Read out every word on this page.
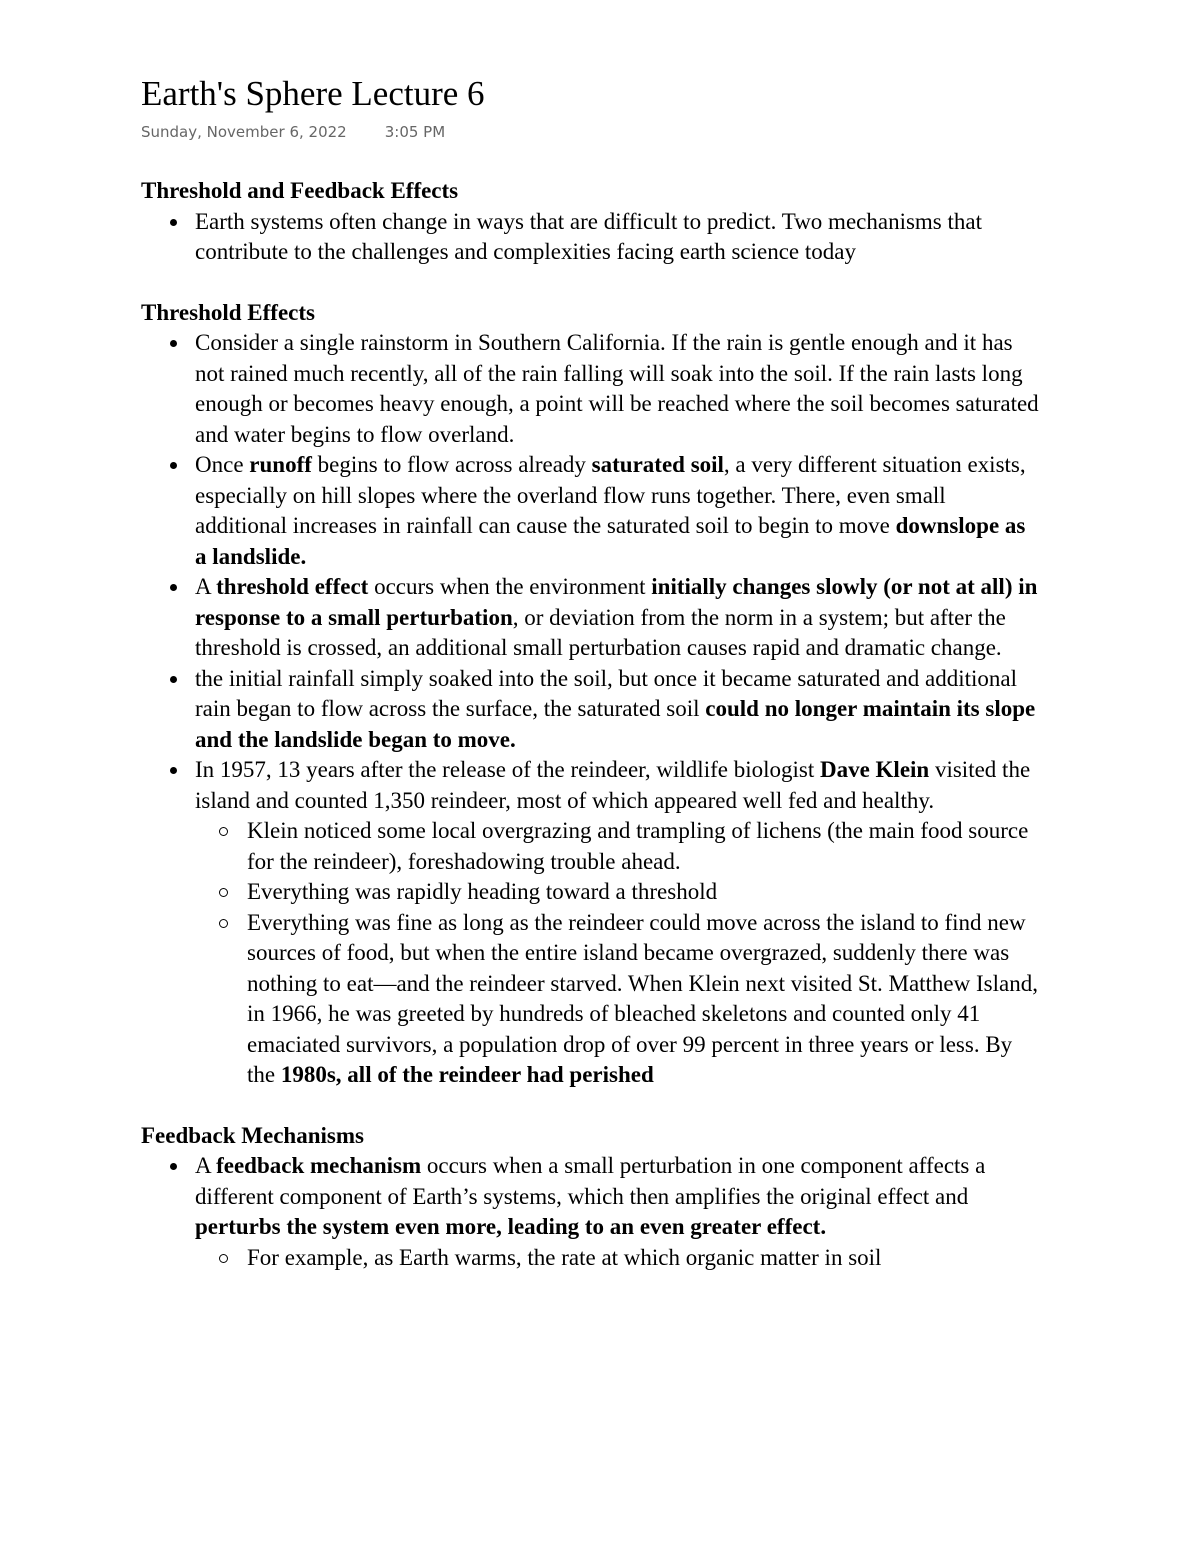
Earth's Sphere Lecture 6
Sunday, November 6, 2022	3:05 PM
Threshold and Feedback Effects
Earth systems often change in ways that are difficult to predict. Two mechanisms that contribute to the challenges and complexities facing earth science today
Threshold Effects
Consider a single rainstorm in Southern California. If the rain is gentle enough and it has not rained much recently, all of the rain falling will soak into the soil. If the rain lasts long enough or becomes heavy enough, a point will be reached where the soil becomes saturated and water begins to flow overland.
Once runoff begins to flow across already saturated soil, a very different situation exists, especially on hill slopes where the overland flow runs together. There, even small additional increases in rainfall can cause the saturated soil to begin to move downslope as a landslide.
A threshold effect occurs when the environment initially changes slowly (or not at all) in response to a small perturbation, or deviation from the norm in a system; but after the threshold is crossed, an additional small perturbation causes rapid and dramatic change.
the initial rainfall simply soaked into the soil, but once it became saturated and additional rain began to flow across the surface, the saturated soil could no longer maintain its slope and the landslide began to move.
In 1957, 13 years after the release of the reindeer, wildlife biologist Dave Klein visited the island and counted 1,350 reindeer, most of which appeared well fed and healthy.
Klein noticed some local overgrazing and trampling of lichens (the main food source for the reindeer), foreshadowing trouble ahead.
Everything was rapidly heading toward a threshold
Everything was fine as long as the reindeer could move across the island to find new sources of food, but when the entire island became overgrazed, suddenly there was nothing to eat—and the reindeer starved. When Klein next visited St. Matthew Island, in 1966, he was greeted by hundreds of bleached skeletons and counted only 41 emaciated survivors, a population drop of over 99 percent in three years or less. By the 1980s, all of the reindeer had perished
Feedback Mechanisms
A feedback mechanism occurs when a small perturbation in one component affects a different component of Earth’s systems, which then amplifies the original effect and perturbs the system even more, leading to an even greater effect.
For example, as Earth warms, the rate at which organic matter in soil
